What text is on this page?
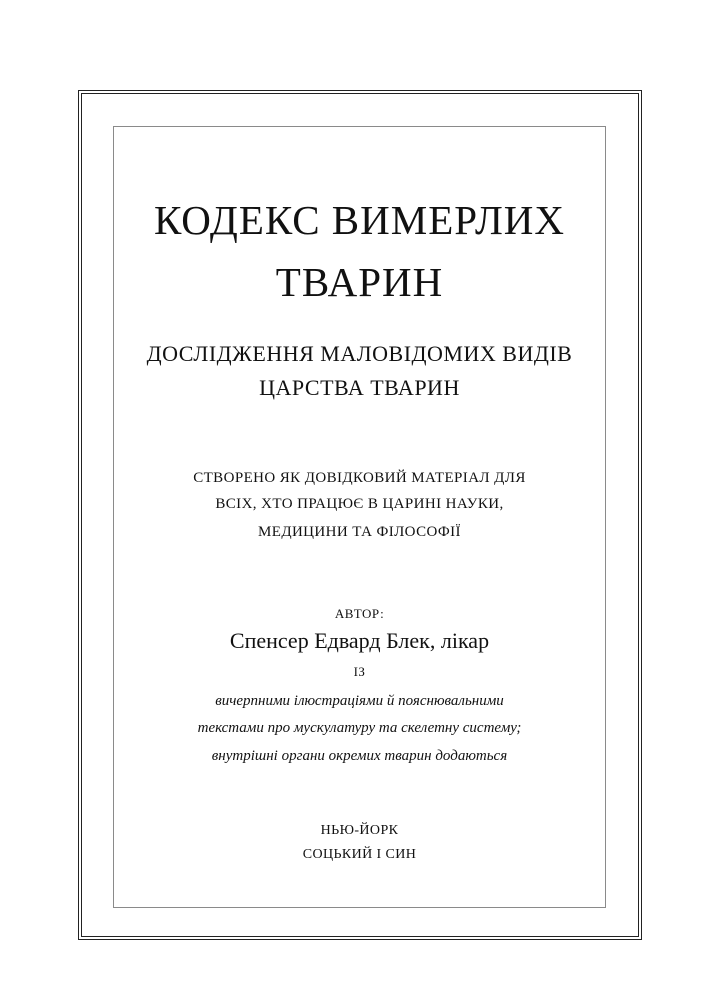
КОДЕКС ВИМЕРЛИХ
ТВАРИН
ДОСЛІДЖЕННЯ МАЛОВІДОМИХ ВИДІВ
ЦАРСТВА ТВАРИН
СТВОРЕНО ЯК ДОВІДКОВИЙ МАТЕРІАЛ ДЛЯ
ВСІХ, ХТО ПРАЦЮЄ В ЦАРИНІ НАУКИ,
МЕДИЦИНИ ТА ФІЛОСОФІЇ
АВТОР:
Спенсер Едвард Блек, лікар
ІЗ
вичерпними ілюстраціями й пояснювальними
текстами про мускулатуру та скелетну систему;
внутрішні органи окремих тварин додаються
НЬЮ-ЙОРК
СОЦЬКИЙ І СИН
